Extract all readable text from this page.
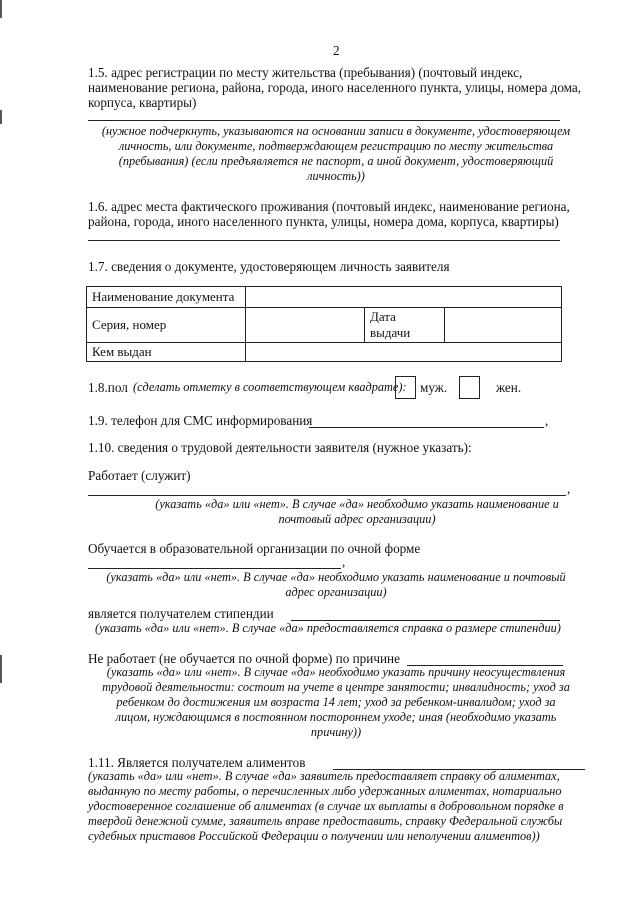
2
1.5. адрес регистрации по месту жительства (пребывания) (почтовый индекс,
наименование региона, района, города, иного населенного пункта, улицы, номера дома,
корпуса, квартиры)
(нужное подчеркнуть, указываются на основании записи в документе, удостоверяющем
личность, или документе, подтверждающем регистрацию по месту жительства
(пребывания) (если предъявляется не паспорт, а иной документ, удостоверяющий
личность))
1.6. адрес места фактического проживания (почтовый индекс, наименование региона,
района, города, иного населенного пункта, улицы, номера дома, корпуса, квартиры)
1.7. сведения о документе, удостоверяющем личность заявителя
Наименование документа			
Серия, номер		Дата
выдачи	
Кем выдан			
1.8.пол (сделать отметку в соответствующем квадрате): муж.	жен.
1.9. телефон для СМС информирования	,
1.10. сведения о трудовой деятельности заявителя (нужное указать):
Работает (служит)
,
(указать «да» или «нет». В случае «да» необходимо указать наименование и
почтовый адрес организации)
Обучается в образовательной организации по очной форме
,
(указать «да» или «нет». В случае «да» необходимо указать наименование и почтовый
адрес организации)
является получателем стипендии
(указать «да» или «нет». В случае «да» предоставляется справка о размере стипендии)
Не работает (не обучается по очной форме) по причине
(указать «да» или «нет». В случае «да» необходимо указать причину неосуществления
трудовой деятельности: состоит на учете в центре занятости; инвалидность; уход за
ребенком до достижения им возраста 14 лет; уход за ребенком-инвалидом; уход за
лицом, нуждающимся в постоянном постороннем уходе; иная (необходимо указать
причину))
1.11. Является получателем алиментов
(указать «да» или «нет». В случае «да» заявитель предоставляет справку об алиментах,
выданную по месту работы, о перечисленных либо удержанных алиментах, нотариально
удостоверенное соглашение об алиментах (в случае их выплаты в добровольном порядке в
твердой денежной сумме, заявитель вправе предоставить, справку Федеральной службы
судебных приставов Российской Федерации о получении или неполучении алиментов))
